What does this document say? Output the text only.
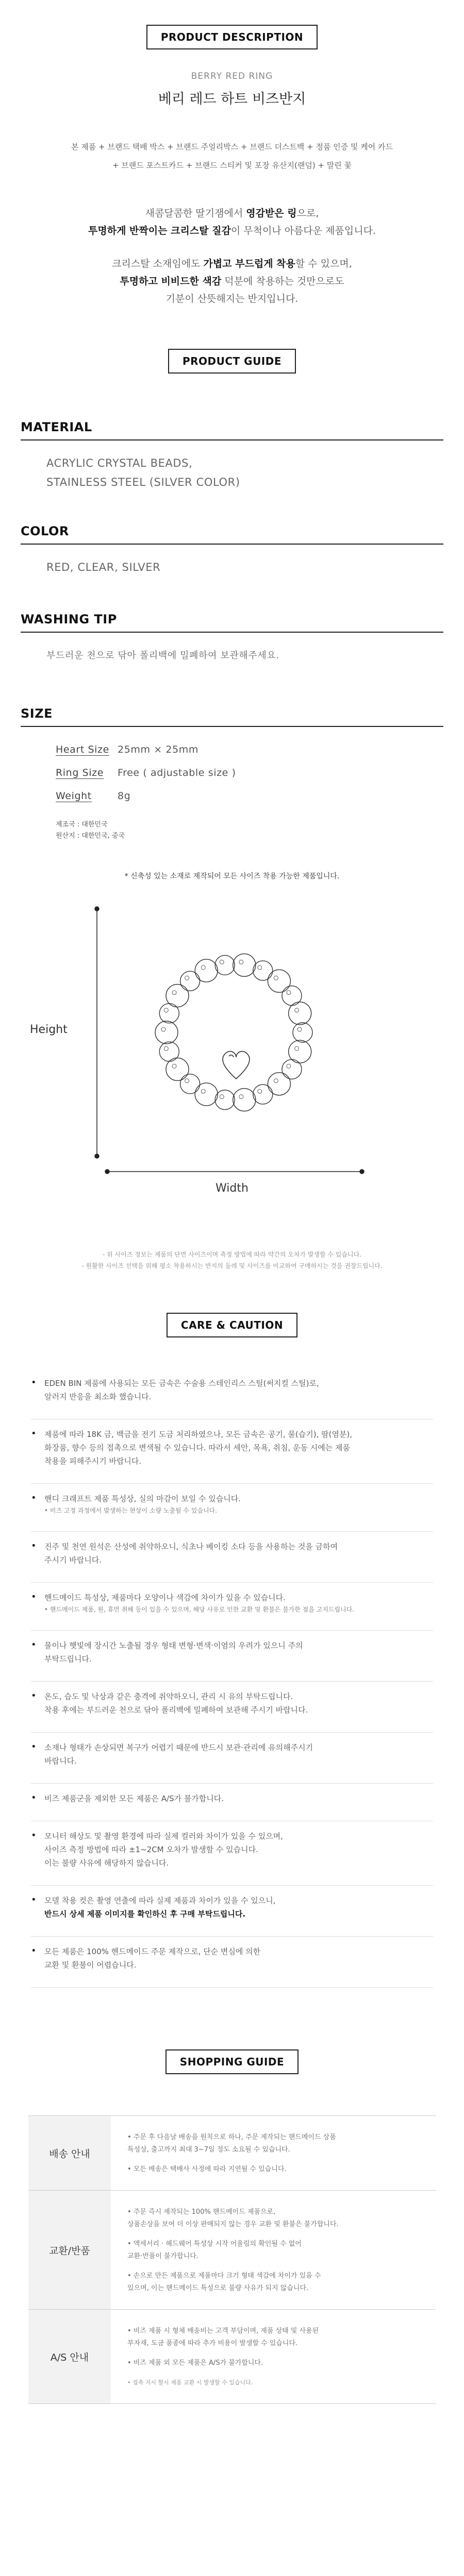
PRODUCT DESCRIPTION
BERRY RED RING
베리 레드 하트 비즈반지
본 제품 + 브랜드 택배 박스 + 브랜드 주얼리박스 + 브랜드 더스트백 + 정품 인증 및 케어 카드
+ 브랜드 포스트카드 + 브랜드 스티커 및 포장 유산지(랜덤) + 말린 꽃
새콤달콤한 딸기잼에서 영감받은 링으로,
투명하게 반짝이는 크리스탈 질감이 무척이나 아름다운 제품입니다.
크리스탈 소재임에도 가볍고 부드럽게 착용할 수 있으며,
투명하고 비비드한 색감 덕분에 착용하는 것만으로도
기분이 산뜻해지는 반지입니다.
PRODUCT GUIDE
MATERIAL
ACRYLIC CRYSTAL BEADS,
STAINLESS STEEL (SILVER COLOR)
COLOR
RED, CLEAR, SILVER
WASHING TIP
부드러운 천으로 닦아 폴리백에 밀폐하여 보관해주세요.
SIZE
Heart Size 25mm × 25mm
Ring Size	Free ( adjustable size )
Weight	8g
제조국 : 대한민국
원산지 : 대한민국, 중국
* 신축성 있는 소재로 제작되어 모든 사이즈 착용 가능한 제품입니다.
Height
Width
- 위 사이즈 정보는 제품의 단면 사이즈이며 측정 방법에 따라 약간의 오차가 발생할 수 있습니다.
- 원활한 사이즈 선택을 위해 평소 착용하시는 반지의 둘레 및 사이즈를 비교하여 구매하시는 것을 권장드립니다.
CARE & CAUTION
•	EDEN BIN 제품에 사용되는 모든 금속은 수술용 스테인리스 스틸(써지컬 스틸)로,
알러지 반응을 최소화 했습니다.
•	제품에 따라 18K 금, 백금을 전기 도금 처리하였으나, 모든 금속은 공기, 물(습기), 땀(염분),
화장품, 향수 등의 접촉으로 변색될 수 있습니다. 따라서 세안, 목욕, 취침, 운동 시에는 제품
착용을 피해주시기 바랍니다.
•	핸디 크래프트 제품 특성상, 실의 마감이 보일 수 있습니다.
• 비즈 고정 과정에서 발생하는 현상이 소량 노출될 수 있습니다.
•	진주 및 천연 원석은 산성에 취약하오니, 식초나 베이킹 소다 등을 사용하는 것을 금하여
주시기 바랍니다.
•	핸드메이드 특성상, 제품마다 오양이나 색감에 차이가 있을 수 있습니다.
• 핸드메이드 제품, 원, 휴먼 취해 등이 있을 수 있으며, 해당 사유로 인한 교환 및 환불은 불가한 점을 고지드립니다.
•	물이나 햇빛에 장시간 노출될 경우 형태 변형·변색·이염의 우려가 있으니 주의
부탁드립니다.
•	온도, 습도 및 낙상과 같은 충격에 취약하오니, 관리 시 유의 부탁드립니다.
착용 후에는 부드러운 천으로 닦아 폴리백에 밀폐하여 보관해 주시기 바랍니다.
•	소재나 형태가 손상되면 복구가 어렵기 때문에 반드시 보관·관리에 유의해주시기
바랍니다.
•	비즈 제품군을 제외한 모든 제품은 A/S가 불가합니다.
•	모니터 해상도 및 촬영 환경에 따라 실제 컬러와 차이가 있을 수 있으며,
사이즈 측정 방법에 따라 ±1~2CM 오차가 발생할 수 있습니다.
이는 불량 사유에 해당하지 않습니다.
•	모델 착용 컷은 촬영 연출에 따라 실제 제품과 차이가 있을 수 있으니,
반드시 상세 제품 이미지를 확인하신 후 구매 부탁드립니다.
•	모든 제품은 100% 핸드메이드 주문 제작으로, 단순 변심에 의한
교환 및 환불이 어렵습니다.
SHOPPING GUIDE
배송 안내

• 주문 후 다음날 배송을 원칙으로 하나, 주문 제작되는 핸드메이드 상품
특성상, 출고까지 최대 3~7일 정도 소요될 수 있습니다.

• 모든 배송은 택배사 사정에 따라 지연될 수 있습니다.

교환/반품

• 주문 즉시 제작되는 100% 핸드메이드 제품으로,
상품손상을 보여 더 이상 판매되지 않는 경우 교환 및 환불은 불가합니다.

• 액세서리 · 헤드웨어 특성상 시작 어울림의 확인될 수 없어
교환·반품이 불가합니다.

• 손으로 만든 제품으로 제품마다 크기 형태 색감에 차이가 있을 수
있으며, 이는 핸드메이드 특성으로 불량 사유가 되지 않습니다.

A/S 안내

• 비즈 제품 시 형체 배송비는 고객 부담이며, 제품 상태 및 사용된
부자재, 도금 품종에 따라 추가 비용이 발생할 수 있습니다.

• 비즈 제품 외 모든 제품은 A/S가 불가합니다.

• 접촉 지시 할시 제품 교환 시 발생할 수 있습니다.
